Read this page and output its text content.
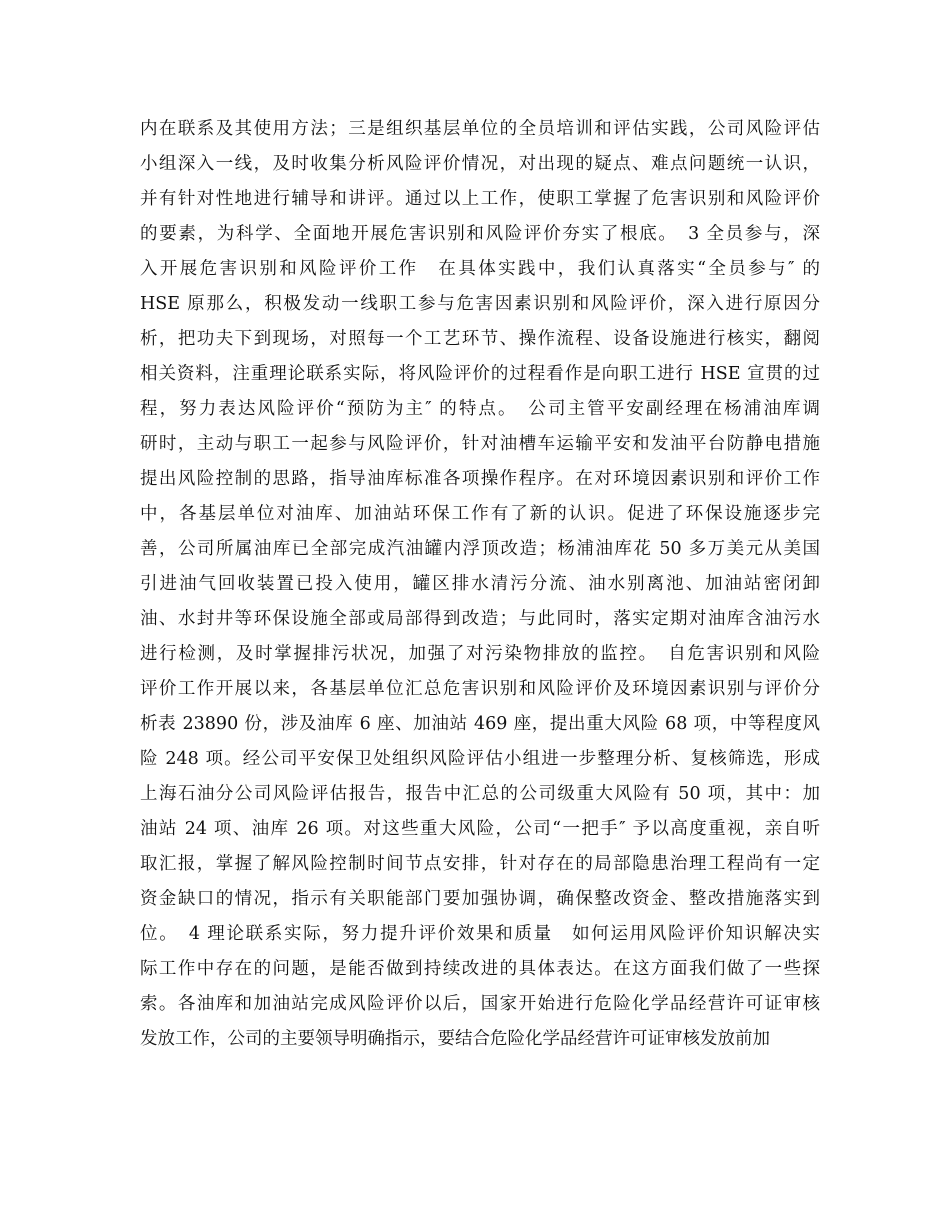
内在联系及其使用方法；三是组织基层单位的全员培训和评估实践，公司风险评估
小组深入一线，及时收集分析风险评价情况，对出现的疑点、难点问题统一认识，
并有针对性地进行辅导和讲评。通过以上工作，使职工掌握了危害识别和风险评价
的要素，为科学、全面地开展危害识别和风险评价夯实了根底。　3 全员参与，深
入开展危害识别和风险评价工作　在具体实践中，我们认真落实“全员参与″ 的
HSE 原那么，积极发动一线职工参与危害因素识别和风险评价，深入进行原因分
析，把功夫下到现场，对照每一个工艺环节、操作流程、设备设施进行核实，翻阅
相关资料，注重理论联系实际，将风险评价的过程看作是向职工进行 HSE 宣贯的过
程，努力表达风险评价“预防为主″ 的特点。　公司主管平安副经理在杨浦油库调
研时，主动与职工一起参与风险评价，针对油槽车运输平安和发油平台防静电措施
提出风险控制的思路，指导油库标准各项操作程序。在对环境因素识别和评价工作
中，各基层单位对油库、加油站环保工作有了新的认识。促进了环保设施逐步完
善，公司所属油库已全部完成汽油罐内浮顶改造；杨浦油库花 50 多万美元从美国
引进油气回收装置已投入使用，罐区排水清污分流、油水别离池、加油站密闭卸
油、水封井等环保设施全部或局部得到改造；与此同时，落实定期对油库含油污水
进行检测，及时掌握排污状况，加强了对污染物排放的监控。　自危害识别和风险
评价工作开展以来，各基层单位汇总危害识别和风险评价及环境因素识别与评价分
析表 23890 份，涉及油库 6 座、加油站 469 座，提出重大风险 68 项，中等程度风
险 248 项。经公司平安保卫处组织风险评估小组进一步整理分析、复核筛选，形成
上海石油分公司风险评估报告，报告中汇总的公司级重大风险有 50 项，其中：加
油站 24 项、油库 26 项。对这些重大风险，公司“一把手″ 予以高度重视，亲自听
取汇报，掌握了解风险控制时间节点安排，针对存在的局部隐患治理工程尚有一定
资金缺口的情况，指示有关职能部门要加强协调，确保整改资金、整改措施落实到
位。　4 理论联系实际，努力提升评价效果和质量　如何运用风险评价知识解决实
际工作中存在的问题，是能否做到持续改进的具体表达。在这方面我们做了一些探
索。各油库和加油站完成风险评价以后，国家开始进行危险化学品经营许可证审核
发放工作，公司的主要领导明确指示，要结合危险化学品经营许可证审核发放前加
